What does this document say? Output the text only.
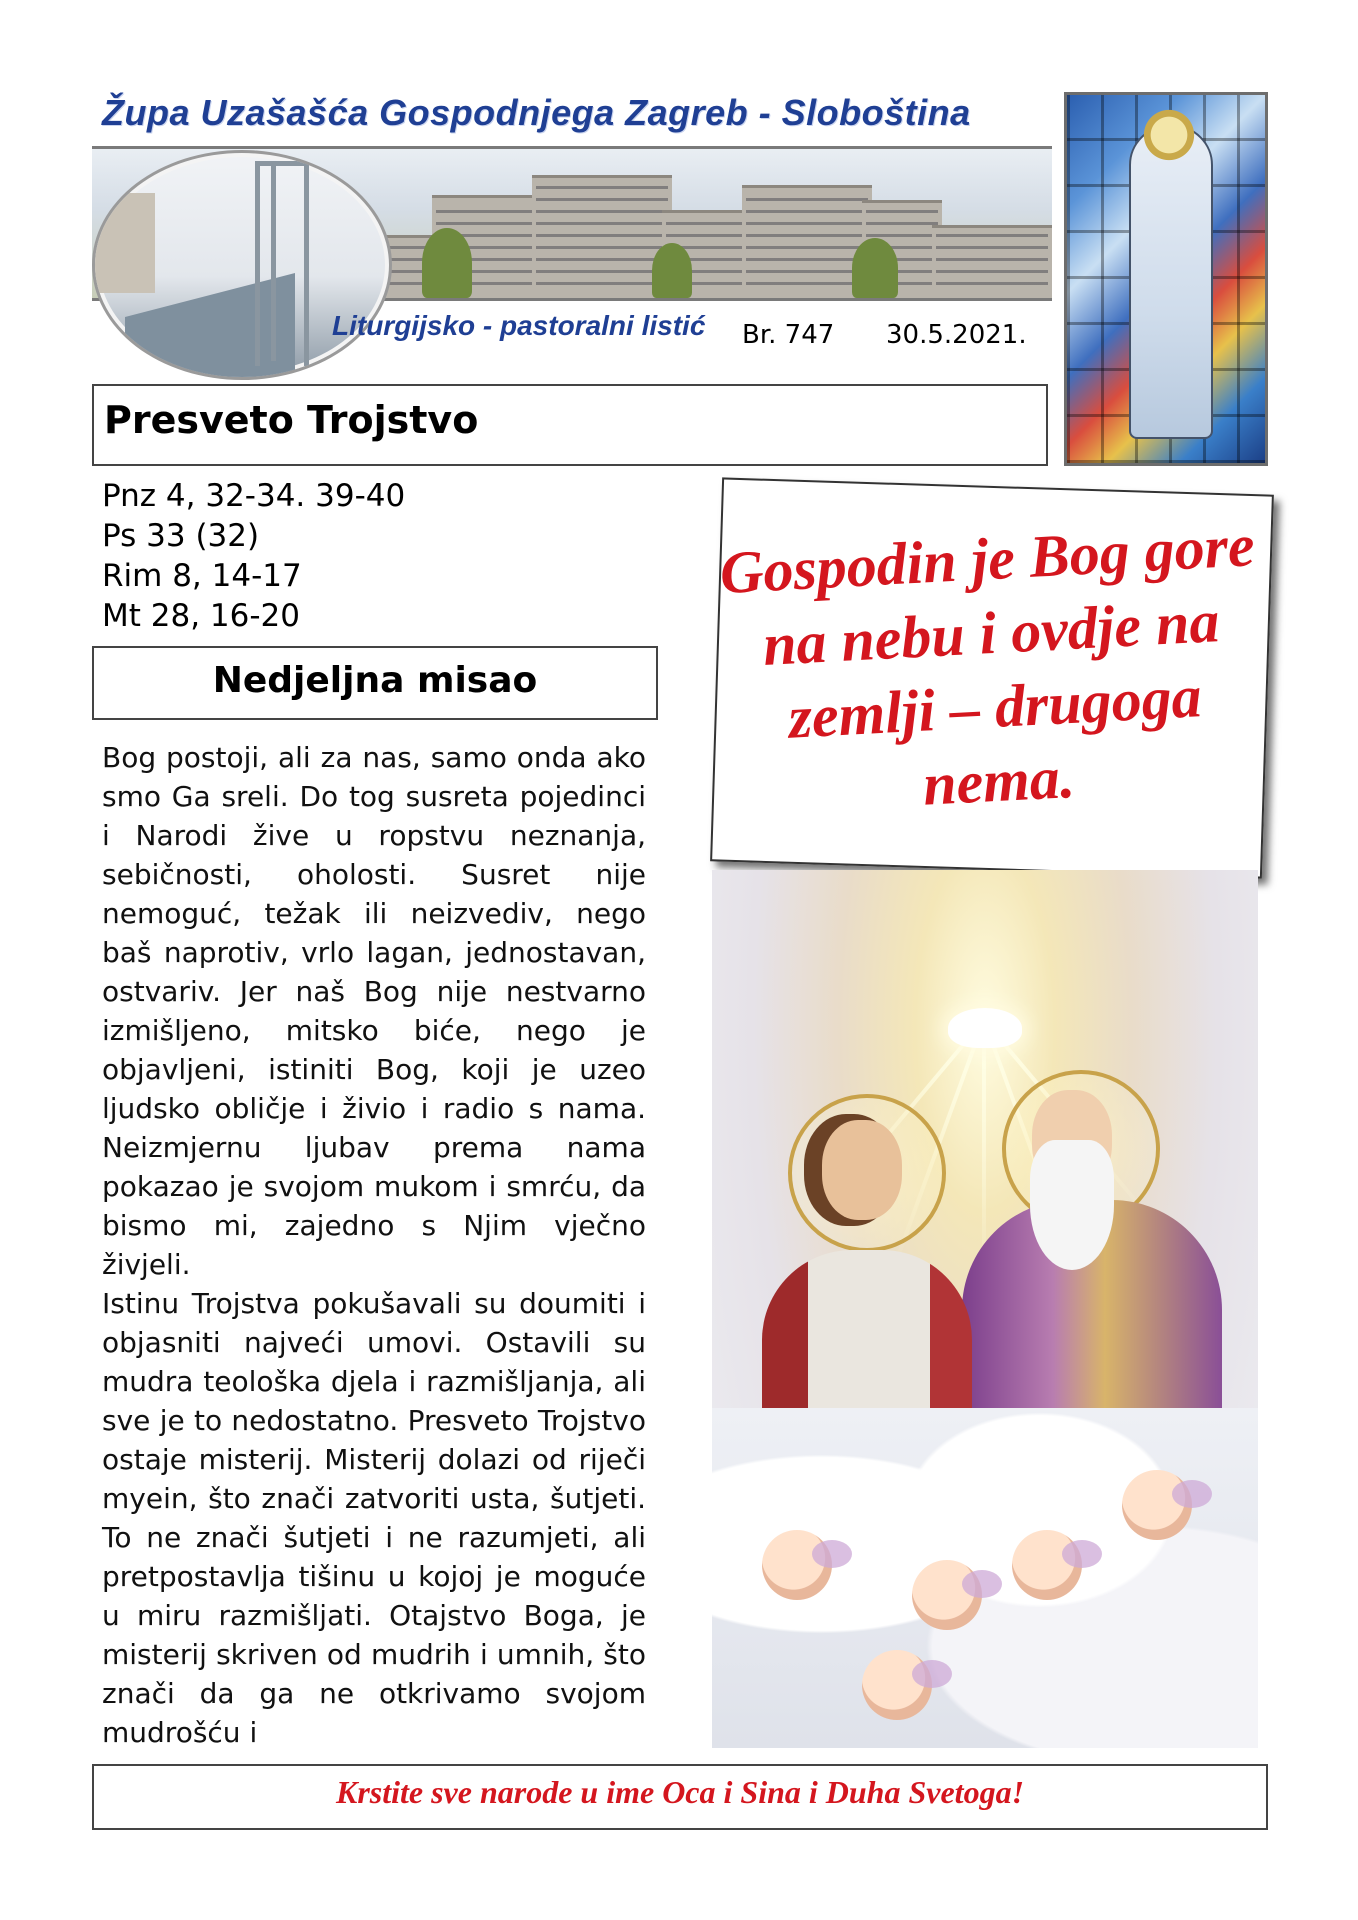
Župa Uzašašća Gospodnjega Zagreb - Sloboština
Liturgijsko - pastoralni listić Br. 747 30.5.2021.
Presveto Trojstvo
Pnz 4, 32-34. 39-40
Ps 33 (32)
Rim 8, 14-17
Mt 28, 16-20
Nedjeljna misao

Bog postoji, ali za nas, samo onda ako smo Ga sreli. Do tog susreta pojedinci i Narodi žive u ropstvu neznanja, sebičnosti, oholosti. Susret nije nemoguć, težak ili neizvediv, nego baš naprotiv, vrlo lagan, jednostavan, ostvariv. Jer naš Bog nije nestvarno izmišljeno, mitsko biće, nego je objavljeni, istiniti Bog, koji je uzeo ljudsko obličje i živio i radio s nama. Neizmjernu ljubav prema nama pokazao je svojom mukom i smrću, da bismo mi, zajedno s Njim vječno živjeli.

Istinu Trojstva pokušavali su doumiti i objasniti najveći umovi. Ostavili su mudra teološka djela i razmišljanja, ali sve je to nedostatno. Presveto Trojstvo ostaje misterij. Misterij dolazi od riječi myein, što znači zatvoriti usta, šutjeti. To ne znači šutjeti i ne razumjeti, ali pretpostavlja tišinu u kojoj je moguće u miru razmišljati. Otajstvo Boga, je misterij skriven od mudrih i umnih, što znači da ga ne otkrivamo svojom mudrošću i

Gospodin je Bog gore na nebu i ovdje na zemlji – drugoga nema.
Krstite sve narode u ime Oca i Sina i Duha Svetoga!
